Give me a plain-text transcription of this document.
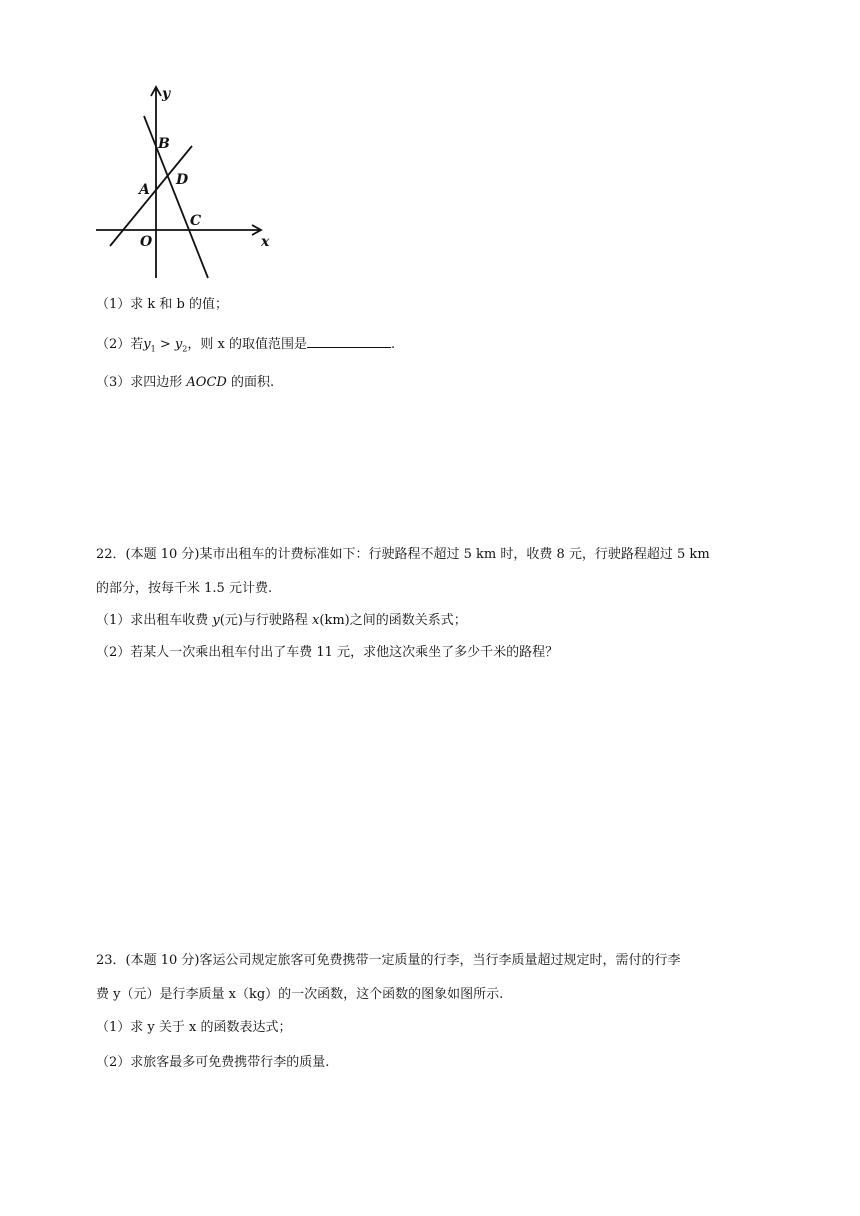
y
x
O
A
B
C
D
（1）求 k 和 b 的值；
（2）若$y_1 > y_2$，则 x 的取值范围是	.
（3）求四边形 AOCD 的面积.
22．(本题 10 分)某市出租车的计费标准如下：行驶路程不超过 5 km 时，收费 8 元，行驶路程超过 5 km
的部分，按每千米 1.5 元计费.
（1）求出租车收费 y(元)与行驶路程 x(km)之间的函数关系式；
（2）若某人一次乘出租车付出了车费 11 元，求他这次乘坐了多少千米的路程？
23．(本题 10 分)客运公司规定旅客可免费携带一定质量的行李，当行李质量超过规定时，需付的行李
费 y（元）是行李质量 x（kg）的一次函数，这个函数的图象如图所示.
（1）求 y 关于 x 的函数表达式；
（2）求旅客最多可免费携带行李的质量.
